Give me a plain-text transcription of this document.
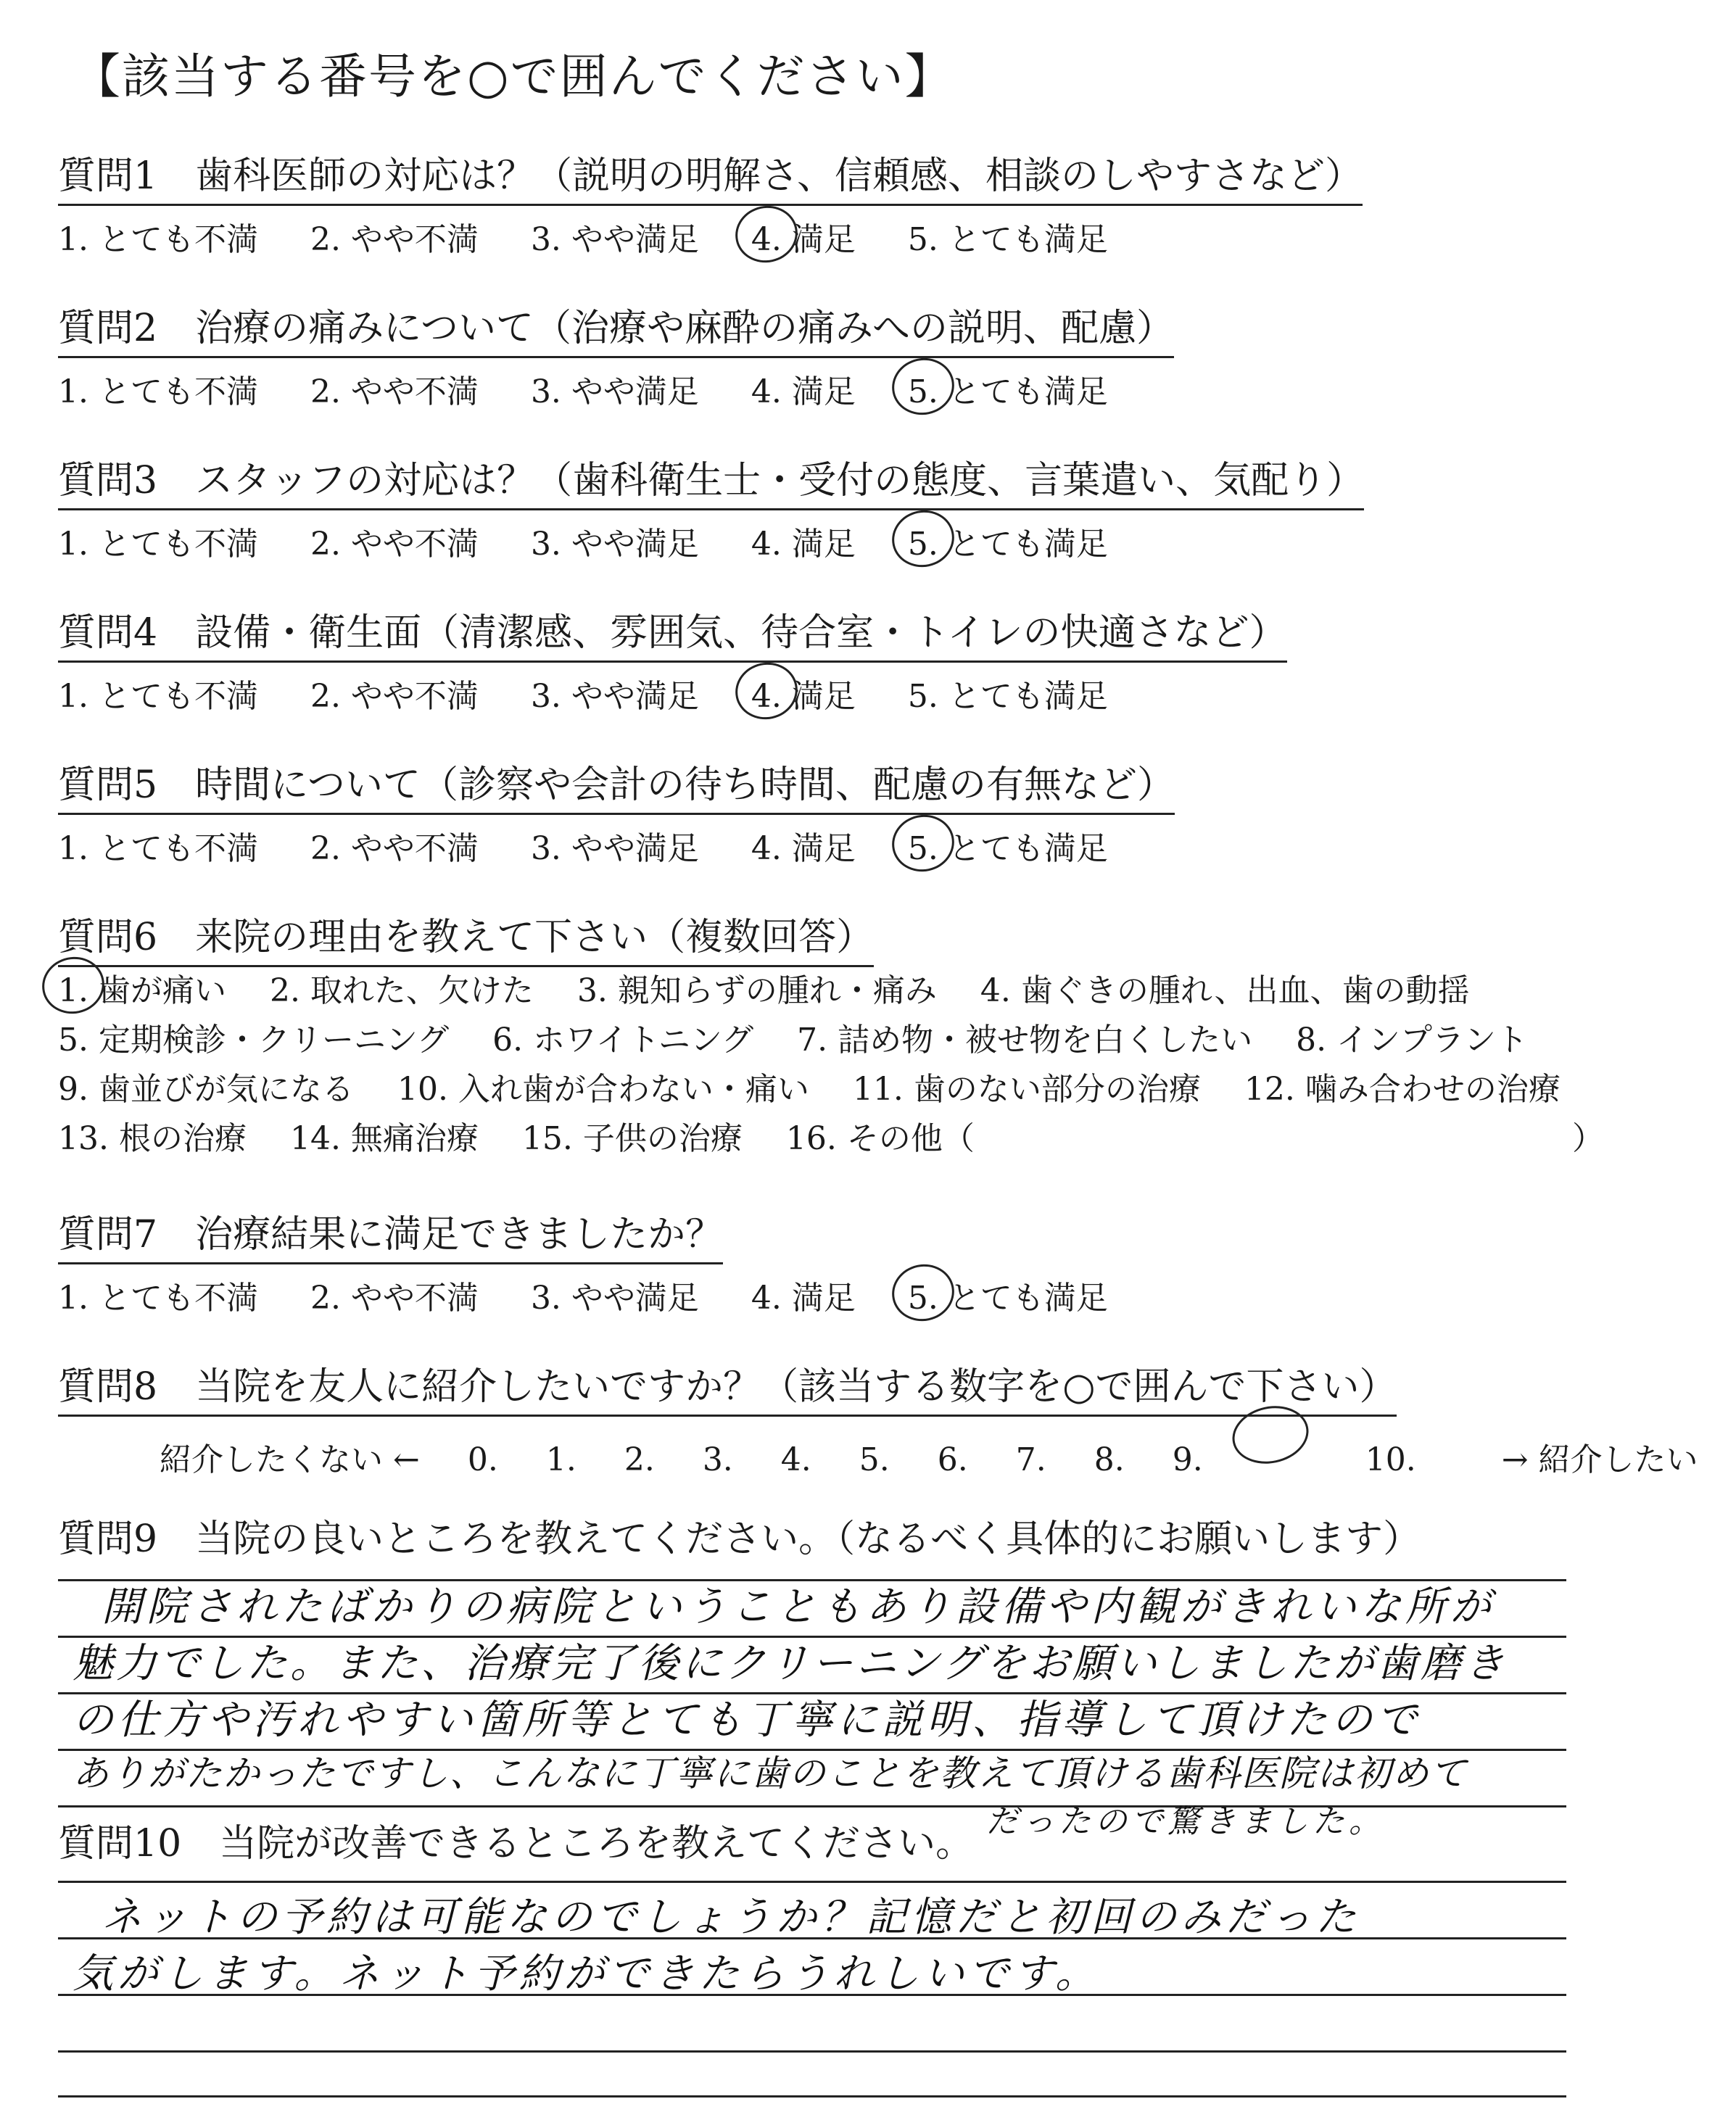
【該当する番号を○で囲んでください】
質問1　歯科医師の対応は？（説明の明解さ、信頼感、相談のしやすさなど）
1. とても不満 2. やや不満 3. やや満足 4. 満足 5. とても満足
質問2　治療の痛みについて（治療や麻酔の痛みへの説明、配慮）
1. とても不満 2. やや不満 3. やや満足 4. 満足 5. とても満足
質問3　スタッフの対応は？（歯科衛生士・受付の態度、言葉遣い、気配り）
1. とても不満 2. やや不満 3. やや満足 4. 満足 5. とても満足
質問4　設備・衛生面（清潔感、雰囲気、待合室・トイレの快適さなど）
1. とても不満 2. やや不満 3. やや満足 4. 満足 5. とても満足
質問5　時間について（診察や会計の待ち時間、配慮の有無など）
1. とても不満 2. やや不満 3. やや満足 4. 満足 5. とても満足
質問6　来院の理由を教えて下さい（複数回答）
1. 歯が痛い 2. 取れた、欠けた 3. 親知らずの腫れ・痛み 4. 歯ぐきの腫れ、出血、歯の動揺
5. 定期検診・クリーニング 6. ホワイトニング 7. 詰め物・被せ物を白くしたい 8. インプラント
9. 歯並びが気になる 10. 入れ歯が合わない・痛い 11. 歯のない部分の治療 12. 噛み合わせの治療
13. 根の治療 14. 無痛治療 15. 子供の治療 16. その他（	）
質問7　治療結果に満足できましたか？
1. とても不満 2. やや不満 3. やや満足 4. 満足 5. とても満足
質問8　当院を友人に紹介したいですか？（該当する数字を○で囲んで下さい）
紹介したくない ← 0. 1. 2. 3. 4. 5. 6. 7. 8. 9.	10.	→ 紹介したい
質問9　当院の良いところを教えてください。（なるべく具体的にお願いします）
開院されたばかりの病院ということもあり設備や内観がきれいな所が
魅力でした。また、治療完了後にクリーニングをお願いしましたが歯磨き
の仕方や汚れやすい箇所等とても丁寧に説明、指導して頂けたので
ありがたかったですし、こんなに丁寧に歯のことを教えて頂ける歯科医院は初めて
だったので驚きました。
質問10　当院が改善できるところを教えてください。
ネットの予約は可能なのでしょうか？記憶だと初回のみだった
気がします。ネット予約ができたらうれしいです。
